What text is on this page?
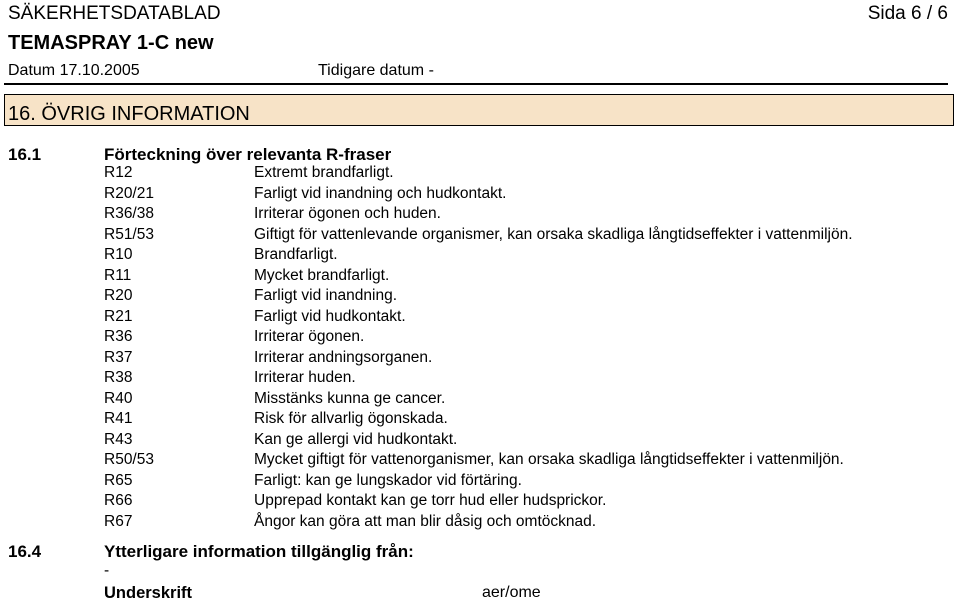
SÄKERHETSDATABLAD	Sida 6 / 6
TEMASPRAY 1-C new
Datum 17.10.2005	Tidigare datum -
16. ÖVRIG INFORMATION
16.1	Förteckning över relevanta R-fraser
R12	Extremt brandfarligt.
R20/21	Farligt vid inandning och hudkontakt.
R36/38	Irriterar ögonen och huden.
R51/53	Giftigt för vattenlevande organismer, kan orsaka skadliga långtidseffekter i vattenmiljön.
R10	Brandfarligt.
R11	Mycket brandfarligt.
R20	Farligt vid inandning.
R21	Farligt vid hudkontakt.
R36	Irriterar ögonen.
R37	Irriterar andningsorganen.
R38	Irriterar huden.
R40	Misstänks kunna ge cancer.
R41	Risk för allvarlig ögonskada.
R43	Kan ge allergi vid hudkontakt.
R50/53	Mycket giftigt för vattenorganismer, kan orsaka skadliga långtidseffekter i vattenmiljön.
R65	Farligt: kan ge lungskador vid förtäring.
R66	Upprepad kontakt kan ge torr hud eller hudsprickor.
R67	Ångor kan göra att man blir dåsig och omtöcknad.
16.4	Ytterligare information tillgänglig från:
-
Underskrift	aer/ome
